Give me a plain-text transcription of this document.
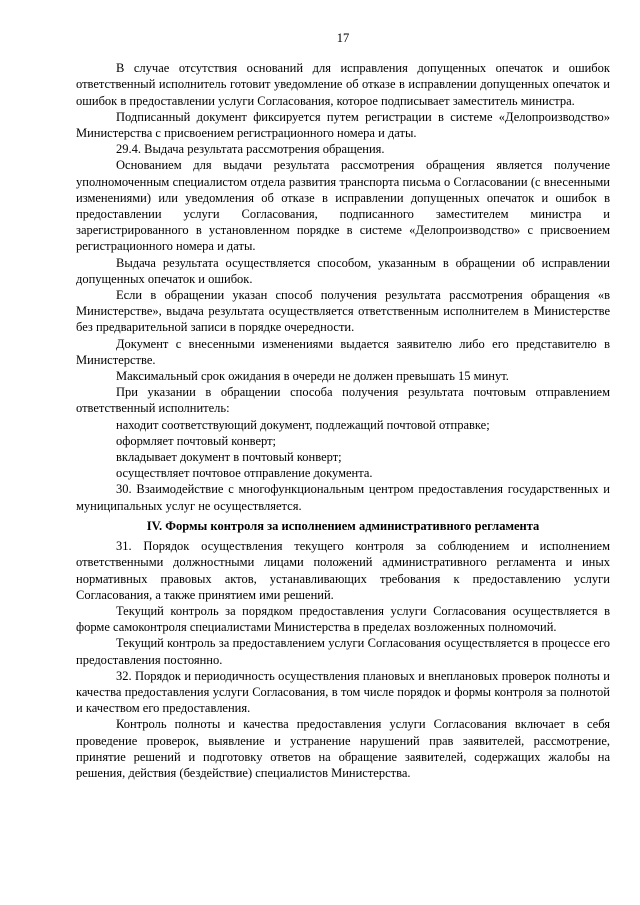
17

В случае отсутствия оснований для исправления допущенных опечаток и ошибок ответственный исполнитель готовит уведомление об отказе в исправлении допущенных опечаток и ошибок в предоставлении услуги Согласования, которое подписывает заместитель министра.

Подписанный документ фиксируется путем регистрации в системе «Делопроизводство» Министерства с присвоением регистрационного номера и даты.

29.4. Выдача результата рассмотрения обращения.

Основанием для выдачи результата рассмотрения обращения является получение уполномоченным специалистом отдела развития транспорта письма о Согласовании (с внесенными изменениями) или уведомления об отказе в исправлении допущенных опечаток и ошибок в предоставлении услуги Согласования, подписанного заместителем министра и зарегистрированного в установленном порядке в системе «Делопроизводство» с присвоением регистрационного номера и даты.

Выдача результата осуществляется способом, указанным в обращении об исправлении допущенных опечаток и ошибок.

Если в обращении указан способ получения результата рассмотрения обращения «в Министерстве», выдача результата осуществляется ответственным исполнителем в Министерстве без предварительной записи в порядке очередности.

Документ с внесенными изменениями выдается заявителю либо его представителю в Министерстве.

Максимальный срок ожидания в очереди не должен превышать 15 минут.

При указании в обращении способа получения результата почтовым отправлением ответственный исполнитель:

находит соответствующий документ, подлежащий почтовой отправке;

оформляет почтовый конверт;

вкладывает документ в почтовый конверт;

осуществляет почтовое отправление документа.

30. Взаимодействие с многофункциональным центром предоставления государственных и муниципальных услуг не осуществляется.

IV. Формы контроля за исполнением административного регламента

31. Порядок осуществления текущего контроля за соблюдением и исполнением ответственными должностными лицами положений административного регламента и иных нормативных правовых актов, устанавливающих требования к предоставлению услуги Согласования, а также принятием ими решений.

Текущий контроль за порядком предоставления услуги Согласования осуществляется в форме самоконтроля специалистами Министерства в пределах возложенных полномочий.

Текущий контроль за предоставлением услуги Согласования осуществляется в процессе его предоставления постоянно.

32. Порядок и периодичность осуществления плановых и внеплановых проверок полноты и качества предоставления услуги Согласования, в том числе порядок и формы контроля за полнотой и качеством его предоставления.

Контроль полноты и качества предоставления услуги Согласования включает в себя проведение проверок, выявление и устранение нарушений прав заявителей, рассмотрение, принятие решений и подготовку ответов на обращение заявителей, содержащих жалобы на решения, действия (бездействие) специалистов Министерства.
